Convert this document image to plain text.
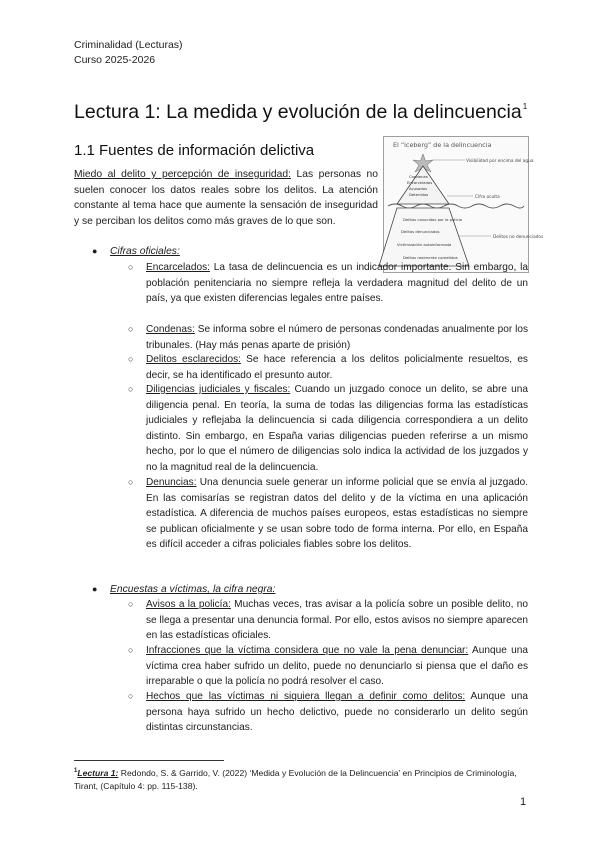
Criminalidad (Lecturas)
Curso 2025-2026
Lectura 1: La medida y evolución de la delincuencia$^1$
1.1 Fuentes de información delictiva	El “iceberg” de la delincuencia
Visibilidad por encima del agua
Cifra oculta
Delitos no denunciados
Condenas
Encarcelados
Acusados
Detenidos
Delitos conocidos por la policía
Delitos denunciados
Victimización autoinformada
Delitos realmente cometidos
Miedo al delito y percepción de inseguridad: Las personas no suelen conocer los datos reales sobre los delitos. La atención constante al tema hace que aumente la sensación de inseguridad y se perciban los delitos como más graves de lo que son.
● Cifras oficiales:
○ Encarcelados: La tasa de delincuencia es un indicador importante. Sin embargo, la población penitenciaria no siempre refleja la verdadera magnitud del delito de un país, ya que existen diferencias legales entre países.
○ Condenas: Se informa sobre el número de personas condenadas anualmente por los tribunales. (Hay más penas aparte de prisión)
○ Delitos esclarecidos: Se hace referencia a los delitos policialmente resueltos, es decir, se ha identificado el presunto autor.
○ Diligencias judiciales y fiscales: Cuando un juzgado conoce un delito, se abre una diligencia penal. En teoría, la suma de todas las diligencias forma las estadísticas judiciales y reflejaba la delincuencia si cada diligencia correspondiera a un delito distinto. Sin embargo, en España varias diligencias pueden referirse a un mismo hecho, por lo que el número de diligencias solo indica la actividad de los juzgados y no la magnitud real de la delincuencia.
○ Denuncias: Una denuncia suele generar un informe policial que se envía al juzgado. En las comisarías se registran datos del delito y de la víctima en una aplicación estadística. A diferencia de muchos países europeos, estas estadísticas no siempre se publican oficialmente y se usan sobre todo de forma interna. Por ello, en España es difícil acceder a cifras policiales fiables sobre los delitos.
● Encuestas a víctimas, la cifra negra:
○ Avisos a la policía: Muchas veces, tras avisar a la policía sobre un posible delito, no se llega a presentar una denuncia formal. Por ello, estos avisos no siempre aparecen en las estadísticas oficiales.
○ Infracciones que la víctima considera que no vale la pena denunciar: Aunque una víctima crea haber sufrido un delito, puede no denunciarlo si piensa que el daño es irreparable o que la policía no podrá resolver el caso.
○ Hechos que las víctimas ni siquiera llegan a definir como delitos: Aunque una persona haya sufrido un hecho delictivo, puede no considerarlo un delito según distintas circunstancias.
$^1$Lectura 1: Redondo, S. & Garrido, V. (2022) ‘Medida y Evolución de la Delincuencia’ en Principios de Criminología, Tirant, (Capítulo 4: pp. 115-138).
1
